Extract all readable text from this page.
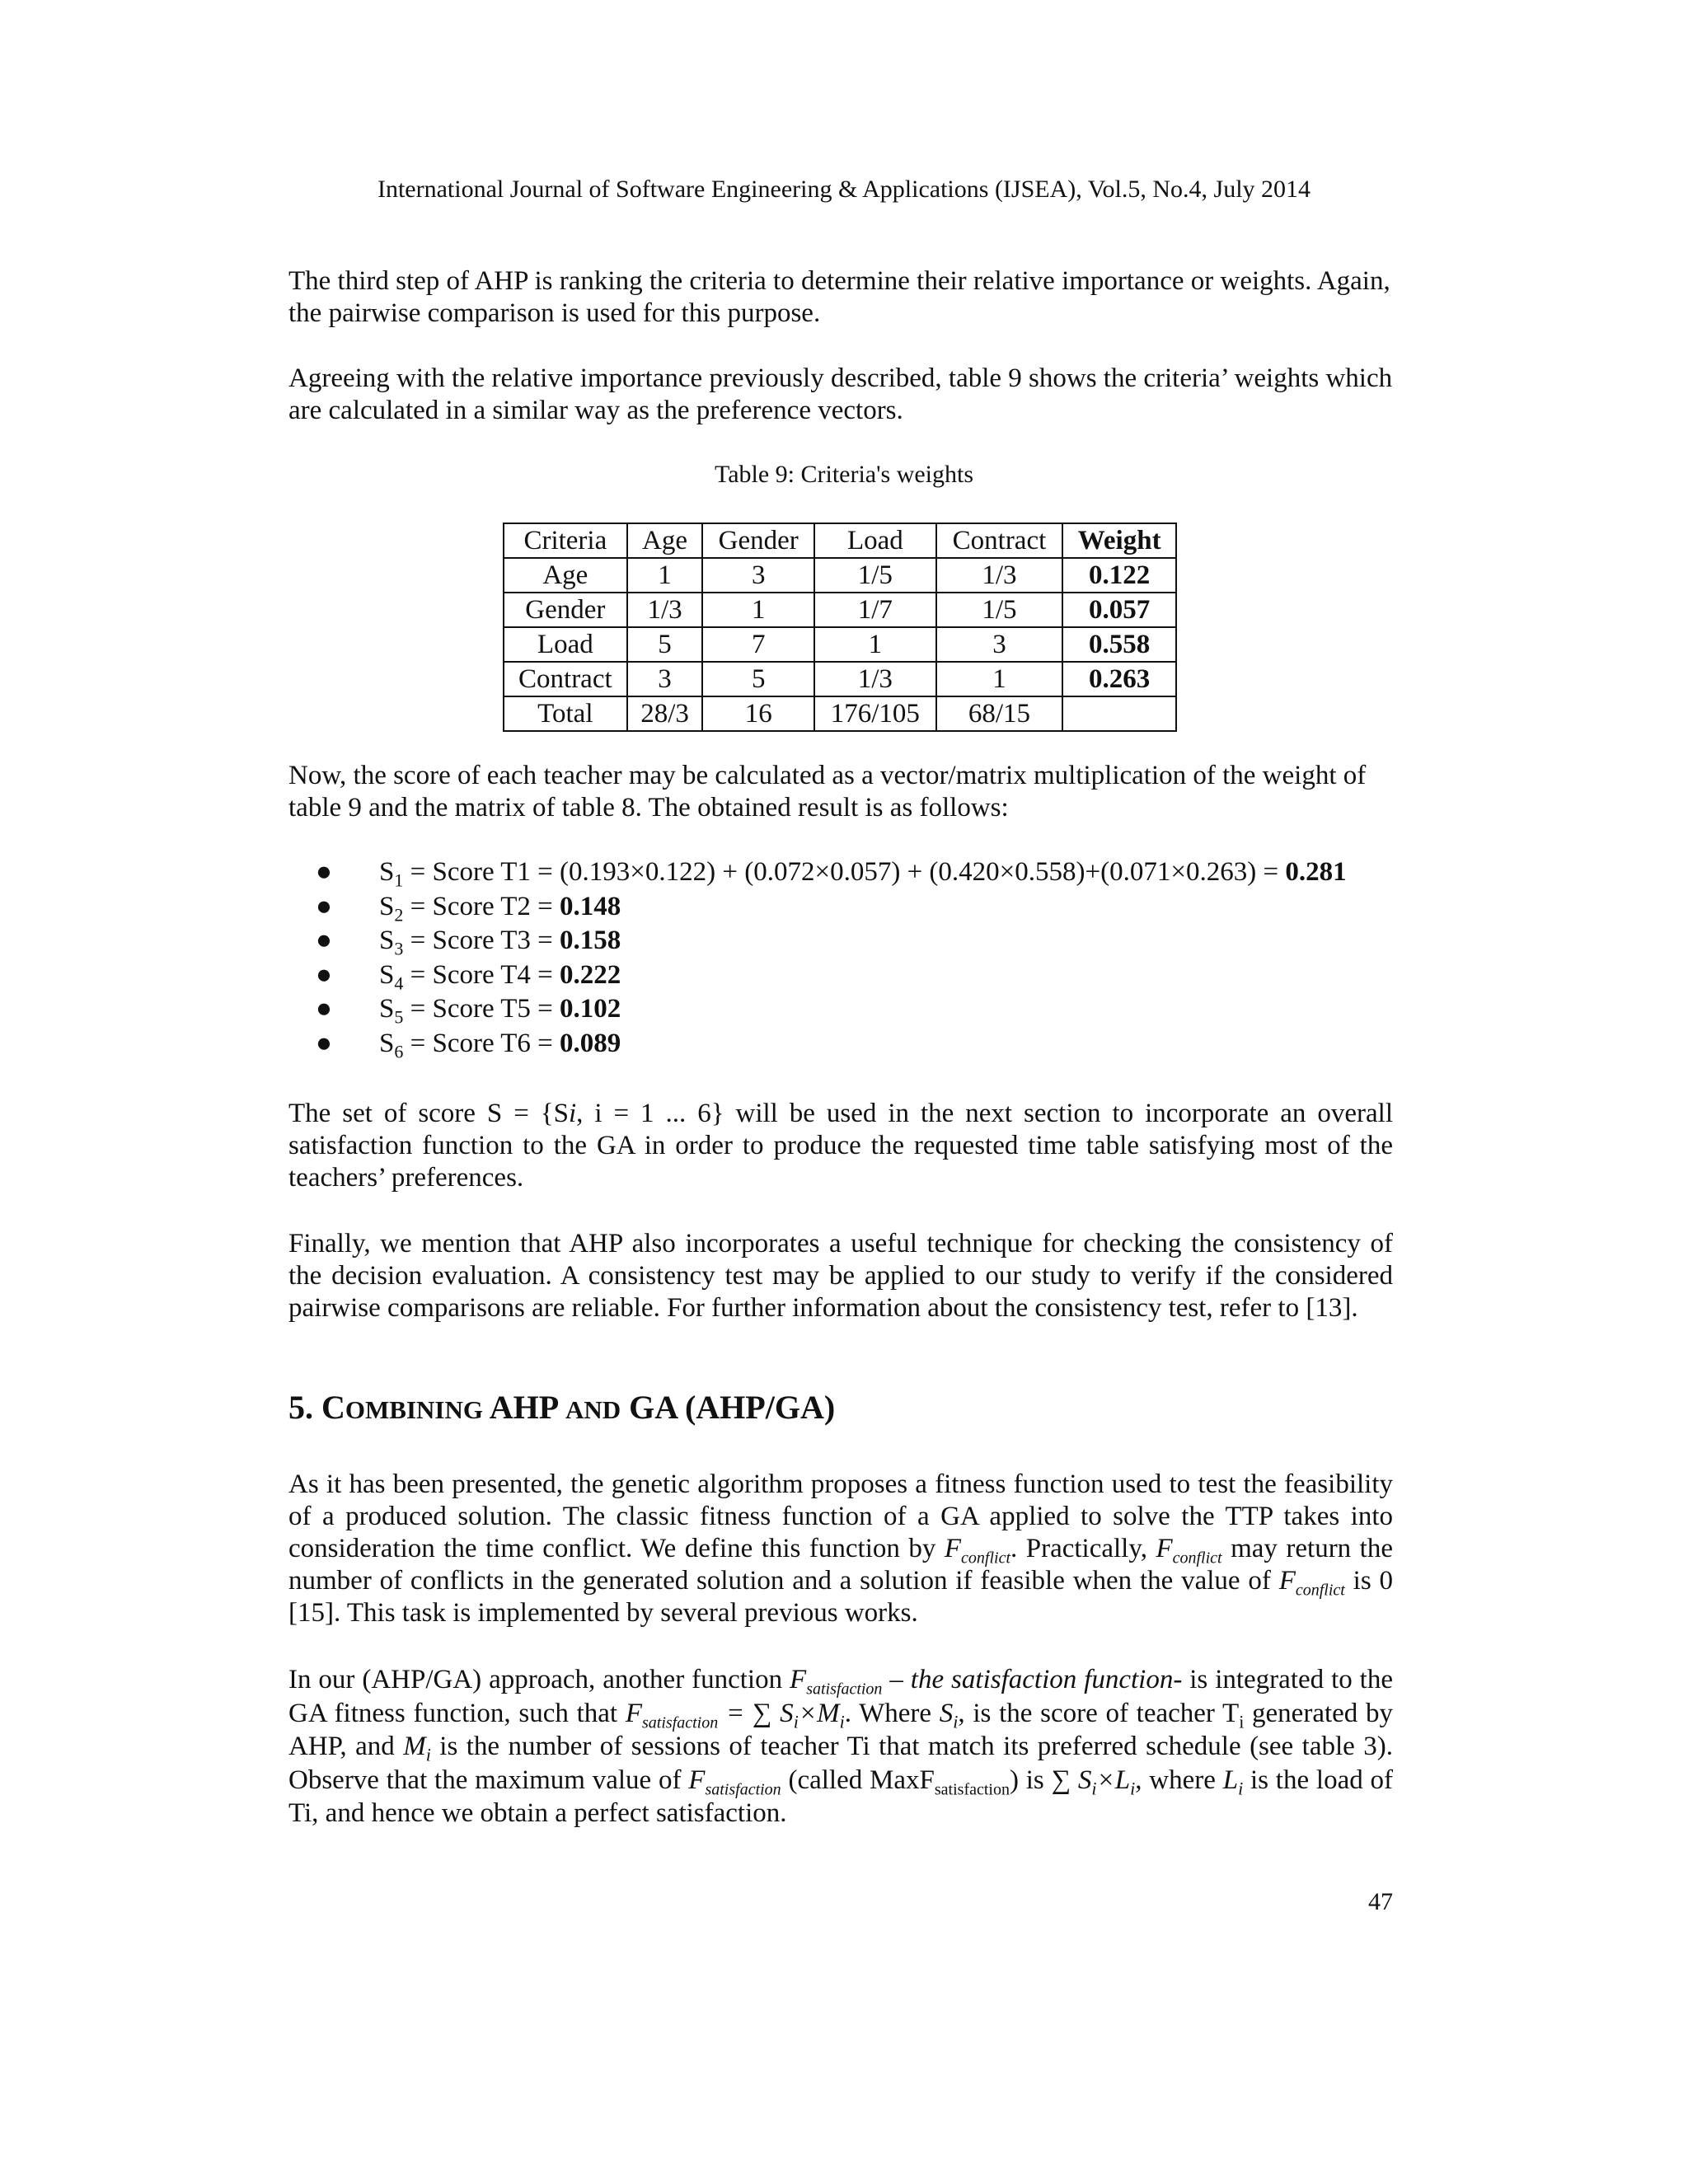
International Journal of Software Engineering & Applications (IJSEA), Vol.5, No.4, July 2014

The third step of AHP is ranking the criteria to determine their relative importance or weights. Again, the pairwise comparison is used for this purpose.

Agreeing with the relative importance previously described, table 9 shows the criteria’ weights which are calculated in a similar way as the preference vectors.

Table 9: Criteria's weights
Criteria	Age	Gender	Load	Contract	Weight
Age	1	3	1/5	1/3	0.122
Gender	1/3	1	1/7	1/5	0.057
Load	5	7	1	3	0.558
Contract	3	5	1/3	1	0.263
Total	28/3	16	176/105	68/15	

Now, the score of each teacher may be calculated as a vector/matrix multiplication of the weight of table 9 and the matrix of table 8. The obtained result is as follows:

● $S_1$ = Score T1 = (0.193×0.122) + (0.072×0.057) + (0.420×0.558)+(0.071×0.263) = 0.281
● $S_2$ = Score T2 = 0.148
● $S_3$ = Score T3 = 0.158
● $S_4$ = Score T4 = 0.222
● $S_5$ = Score T5 = 0.102
● $S_6$ = Score T6 = 0.089

The set of score S = {Si, i = 1 ... 6} will be used in the next section to incorporate an overall satisfaction function to the GA in order to produce the requested time table satisfying most of the teachers’ preferences.

Finally, we mention that AHP also incorporates a useful technique for checking the consistency of the decision evaluation. A consistency test may be applied to our study to verify if the considered pairwise comparisons are reliable. For further information about the consistency test, refer to [13].

5. COMBINING AHP AND GA (AHP/GA)

As it has been presented, the genetic algorithm proposes a fitness function used to test the feasibility of a produced solution. The classic fitness function of a GA applied to solve the TTP takes into consideration the time conflict. We define this function by $F_{conflict}$. Practically, $F_{conflict}$ may return the number of conflicts in the generated solution and a solution if feasible when the value of $F_{conflict}$ is 0 [15]. This task is implemented by several previous works.

In our (AHP/GA) approach, another function $F_{satisfaction}$ – the satisfaction function- is integrated to the GA fitness function, such that $F_{satisfaction}$ = ∑ $S_i\times M_i$. Where $S_i$, is the score of teacher $T_i$ generated by AHP, and $M_i$ is the number of sessions of teacher Ti that match its preferred schedule (see table 3). Observe that the maximum value of $F_{satisfaction}$ (called MaxF$_{satisfaction}$) is ∑ $S_i\times L_i$, where $L_i$ is the load of Ti, and hence we obtain a perfect satisfaction.

47
